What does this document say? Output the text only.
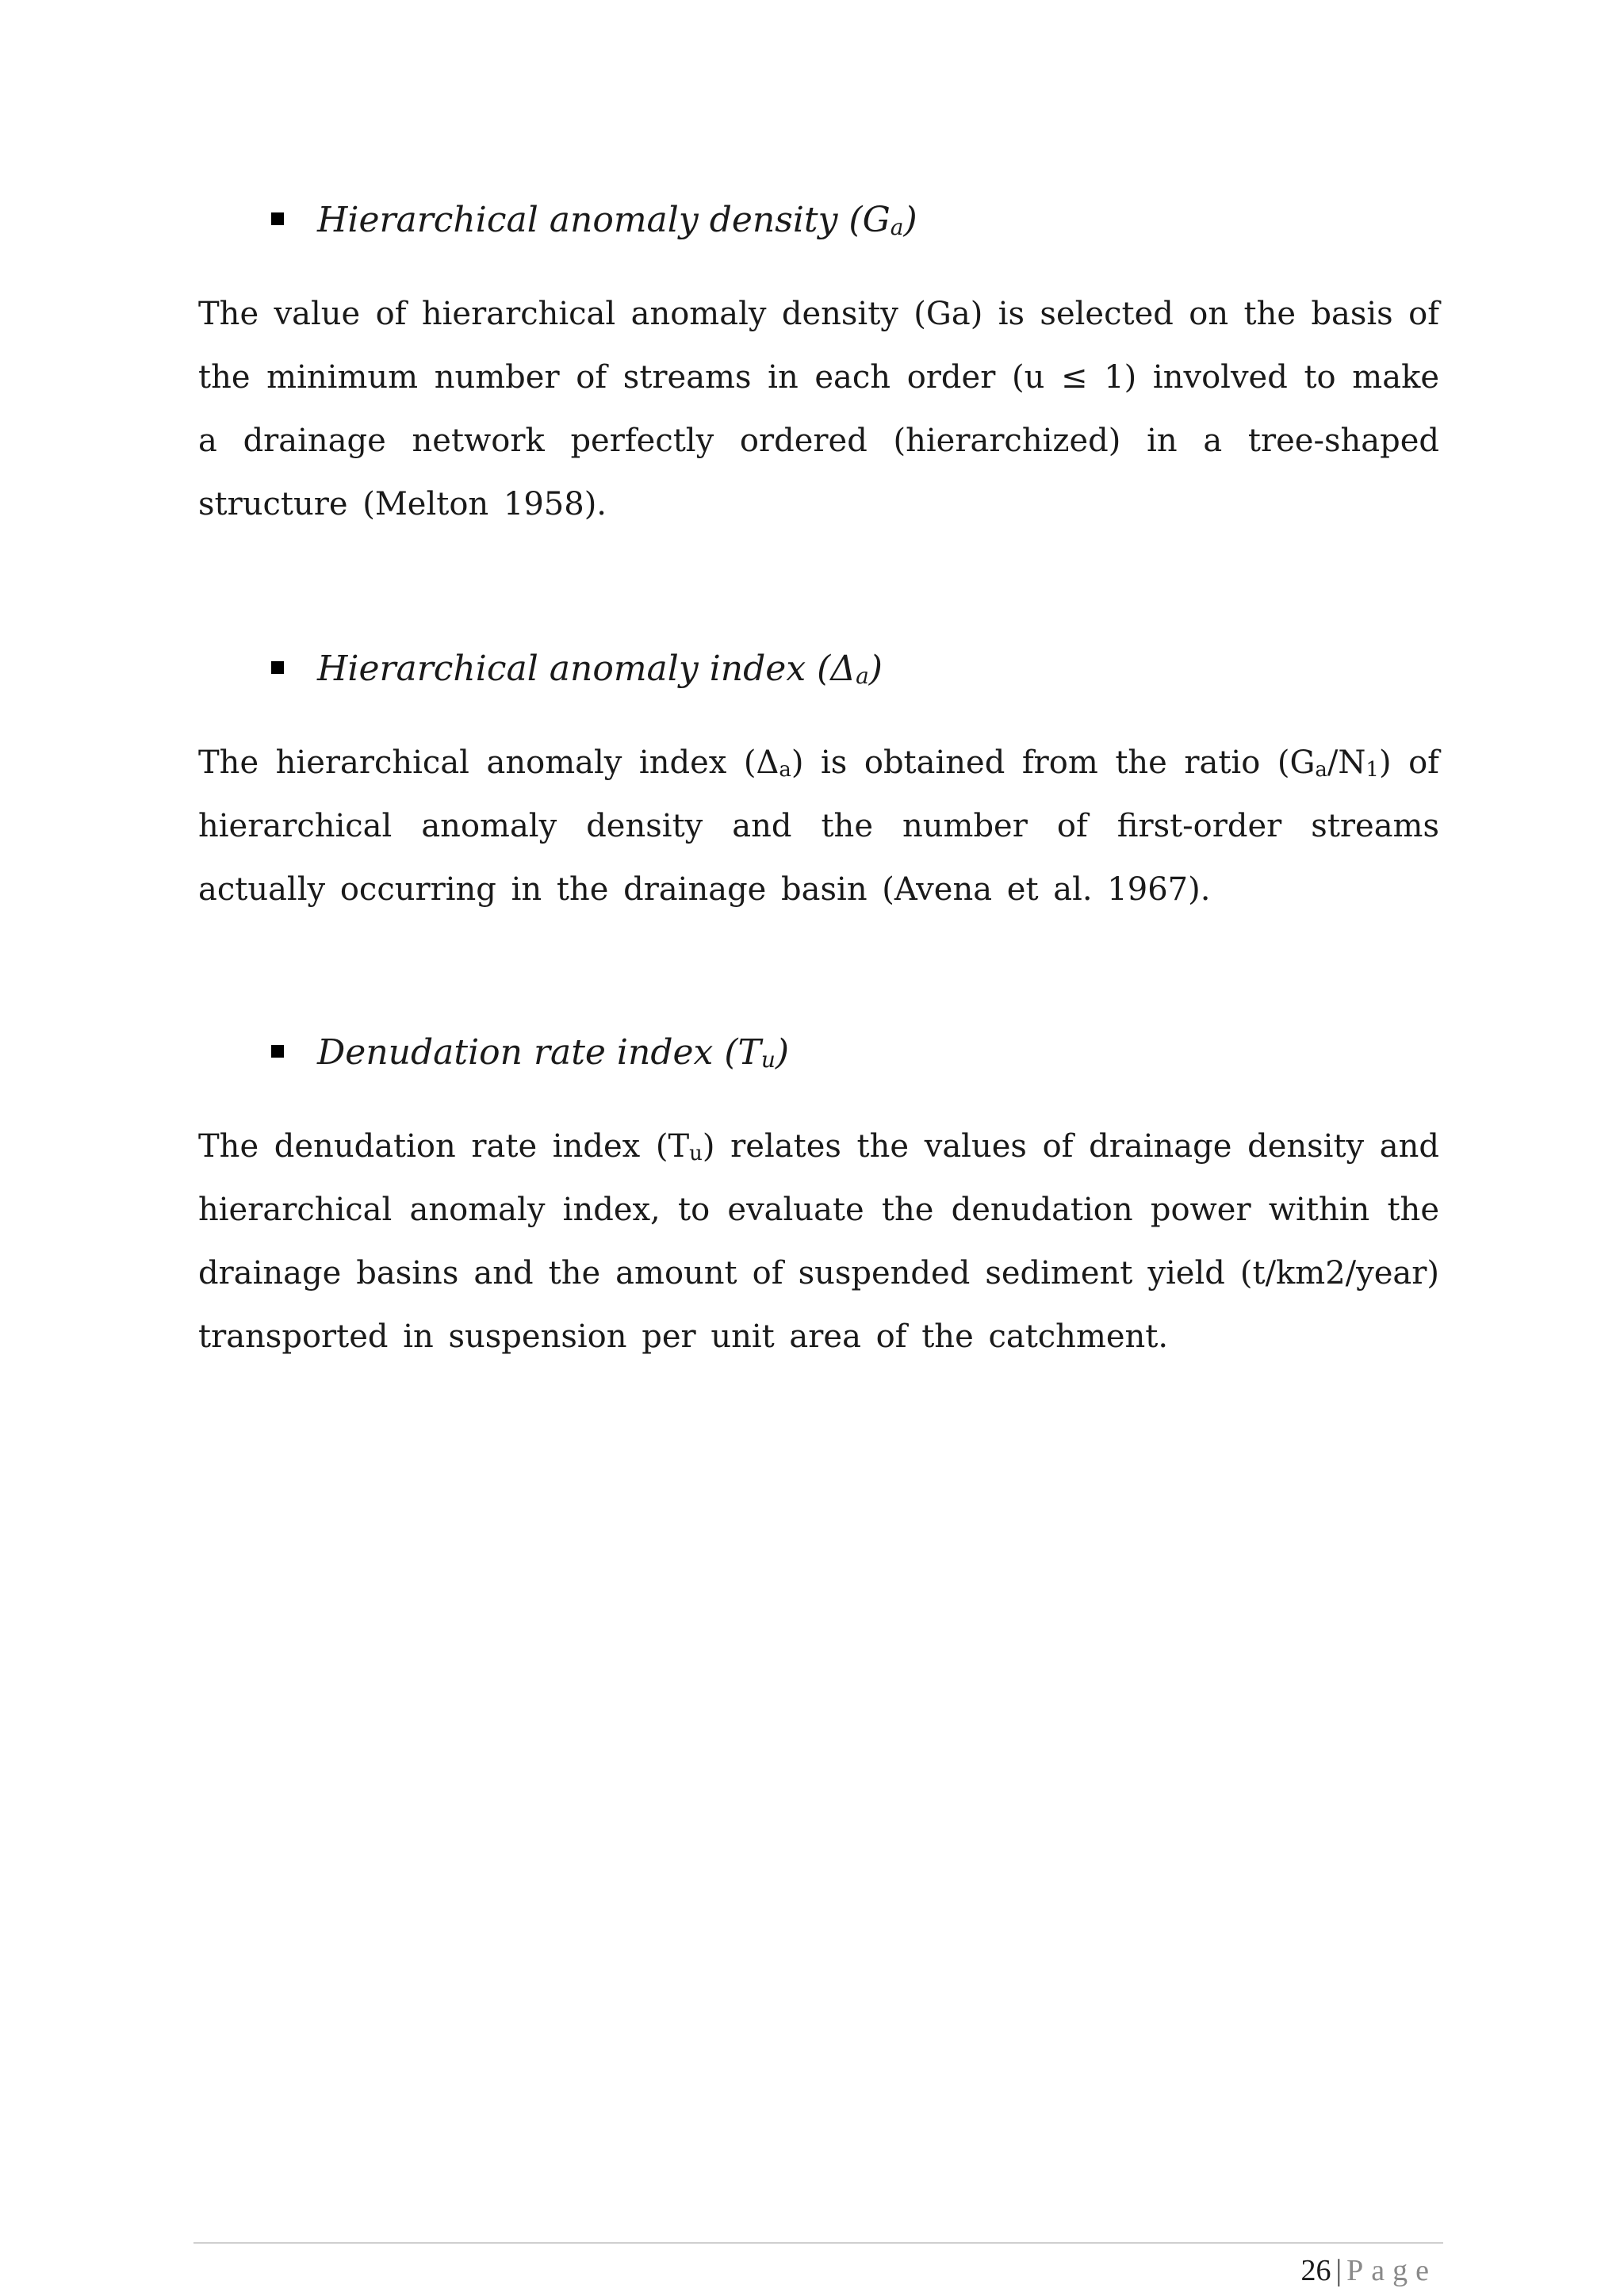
Hierarchical anomaly density $(G_a)$
The value of hierarchical anomaly density (Ga) is selected on the basis of the minimum number of streams in each order (u ≤ 1) involved to make a drainage network perfectly ordered (hierarchized) in a tree-shaped structure (Melton 1958).
Hierarchical anomaly index $(\Delta_a)$
The hierarchical anomaly index $(\Delta_a)$ is obtained from the ratio $(G_a/N_1)$ of hierarchical anomaly density and the number of first-order streams actually occurring in the drainage basin (Avena et al. 1967).
Denudation rate index $(T_u)$
The denudation rate index $(T_u)$ relates the values of drainage density and hierarchical anomaly index, to evaluate the denudation power within the drainage basins and the amount of suspended sediment yield (t/km2/year) transported in suspension per unit area of the catchment.
26 | Page
